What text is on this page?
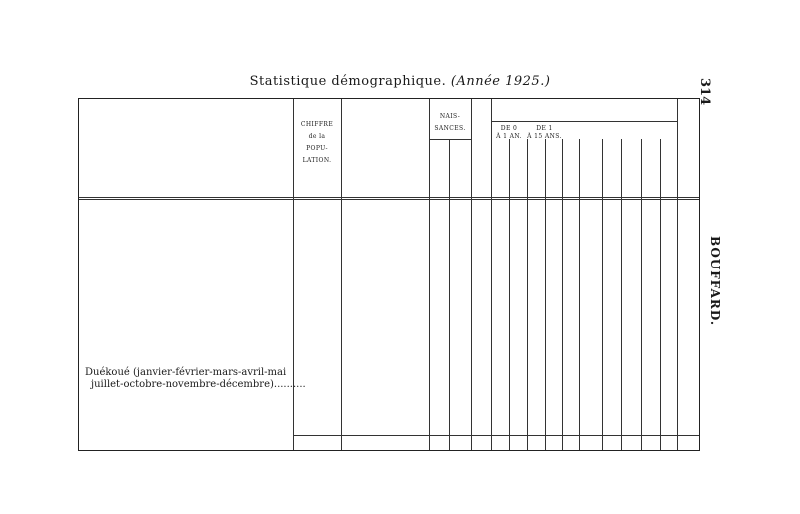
Statistique démographique. (Année 1925.)	314
BOUFFARD.
CHIFFRE
de la
POPU-
LATION.
NAIS-
SANCES.	DE 0
À 1 AN.
DE 1
À 15 ANS.
Duékoué (janvier-février-mars-avril-mai
juillet-octobre-novembre-décembre)..........
